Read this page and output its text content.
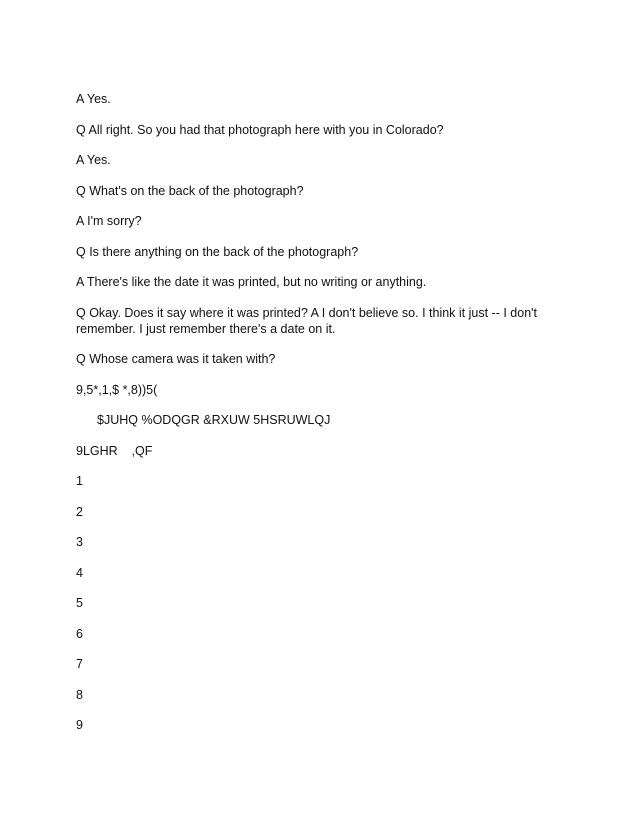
A Yes.

Q All right. So you had that photograph here with you in Colorado?

A Yes.

Q What's on the back of the photograph?

A I'm sorry?

Q Is there anything on the back of the photograph?

A There's like the date it was printed, but no writing or anything.

Q Okay. Does it say where it was printed? A I don't believe so. I think it just -- I don't remember. I just remember there's a date on it.

Q Whose camera was it taken with?

9,5*,1,$ *,8))5(

$JUHQ %ODQGR &RXUW 5HSRUWLQJ

9LGHR    ,QF

1

2

3

4

5

6

7

8

9
